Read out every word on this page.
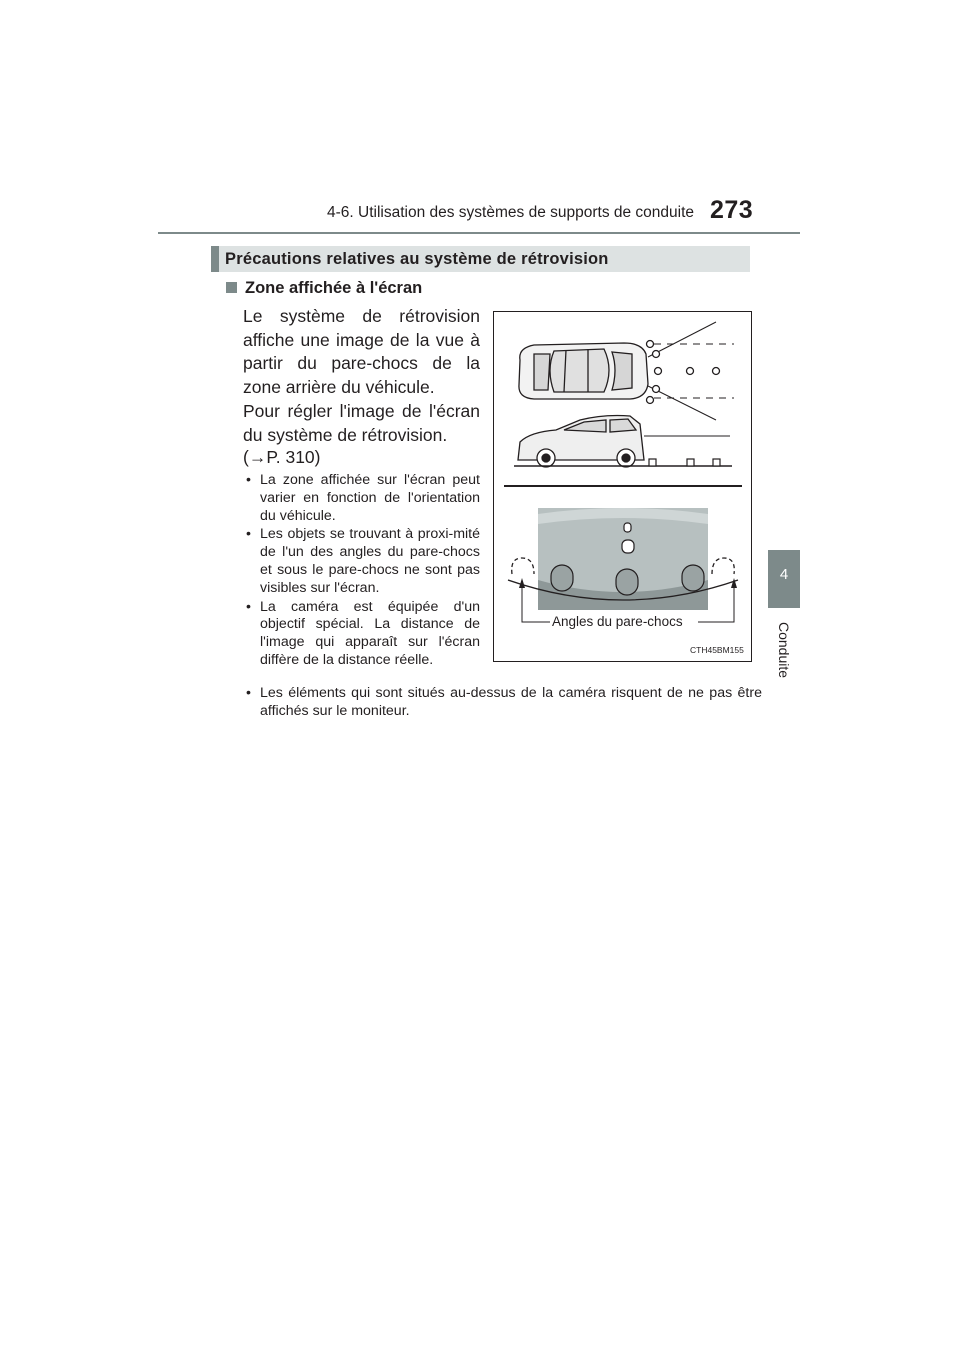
4-6. Utilisation des systèmes de supports de conduite 273
4
Conduite
Précautions relatives au système de rétrovision
Zone affichée à l'écran
Le système de rétrovision affiche une image de la vue à partir du pare-chocs de la zone arrière du véhicule.
Pour régler l'image de l'écran du système de rétrovision.
(→P. 310)
• La zone affichée sur l'écran peut varier en fonction de l'orientation du véhicule.
• Les objets se trouvant à proxi-mité de l'un des angles du pare-chocs et sous le pare-chocs ne sont pas visibles sur l'écran.
• La caméra est équipée d'un objectif spécial. La distance de l'image qui apparaît sur l'écran diffère de la distance réelle.
• Les éléments qui sont situés au-dessus de la caméra risquent de ne pas être affichés sur le moniteur.
Angles du pare-chocs
CTH45BM155
